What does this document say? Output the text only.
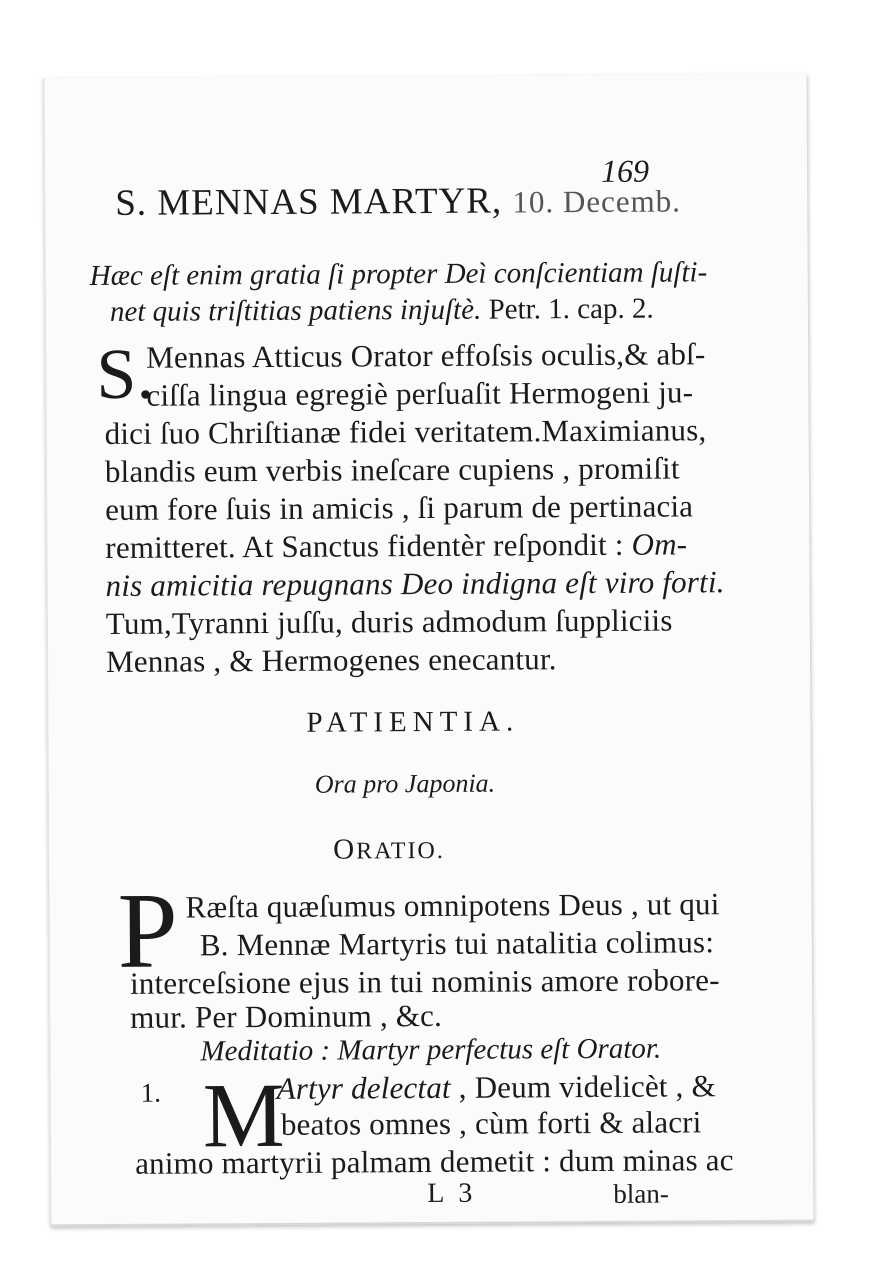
169
S. MENNAS MARTYR, 10. Decemb.
Hæc eſt enim gratia ſi propter Deì conſcientiam ſuſti-
net quis triſtitias patiens injuſtè. Petr. 1. cap. 2.
S.
Mennas Atticus Orator effoſsis oculis,& abſ-
ciſſa lingua egregiè perſuaſit Hermogeni ju-
dici ſuo Chriſtianæ fidei veritatem.Maximianus,
blandis eum verbis ineſcare cupiens , promiſit
eum fore ſuis in amicis , ſi parum de pertinacia
remitteret. At Sanctus fidentèr reſpondit : Om-
nis amicitia repugnans Deo indigna eſt viro forti.
Tum,Tyranni juſſu, duris admodum ſuppliciis
Mennas , & Hermogenes enecantur.
PATIENTIA.
Ora pro Japonia.
ORATIO.
P Ræſta quæſumus omnipotens Deus , ut qui
B. Mennæ Martyris tui natalitia colimus:
interceſsione ejus in tui nominis amore robore-
mur. Per Dominum , &c.
Meditatio : Martyr perfectus eſt Orator.
1. M
Artyr delectat , Deum videlicèt , &
beatos omnes , cùm forti & alacri
animo martyrii palmam demetit : dum minas ac
L 3	blan-
